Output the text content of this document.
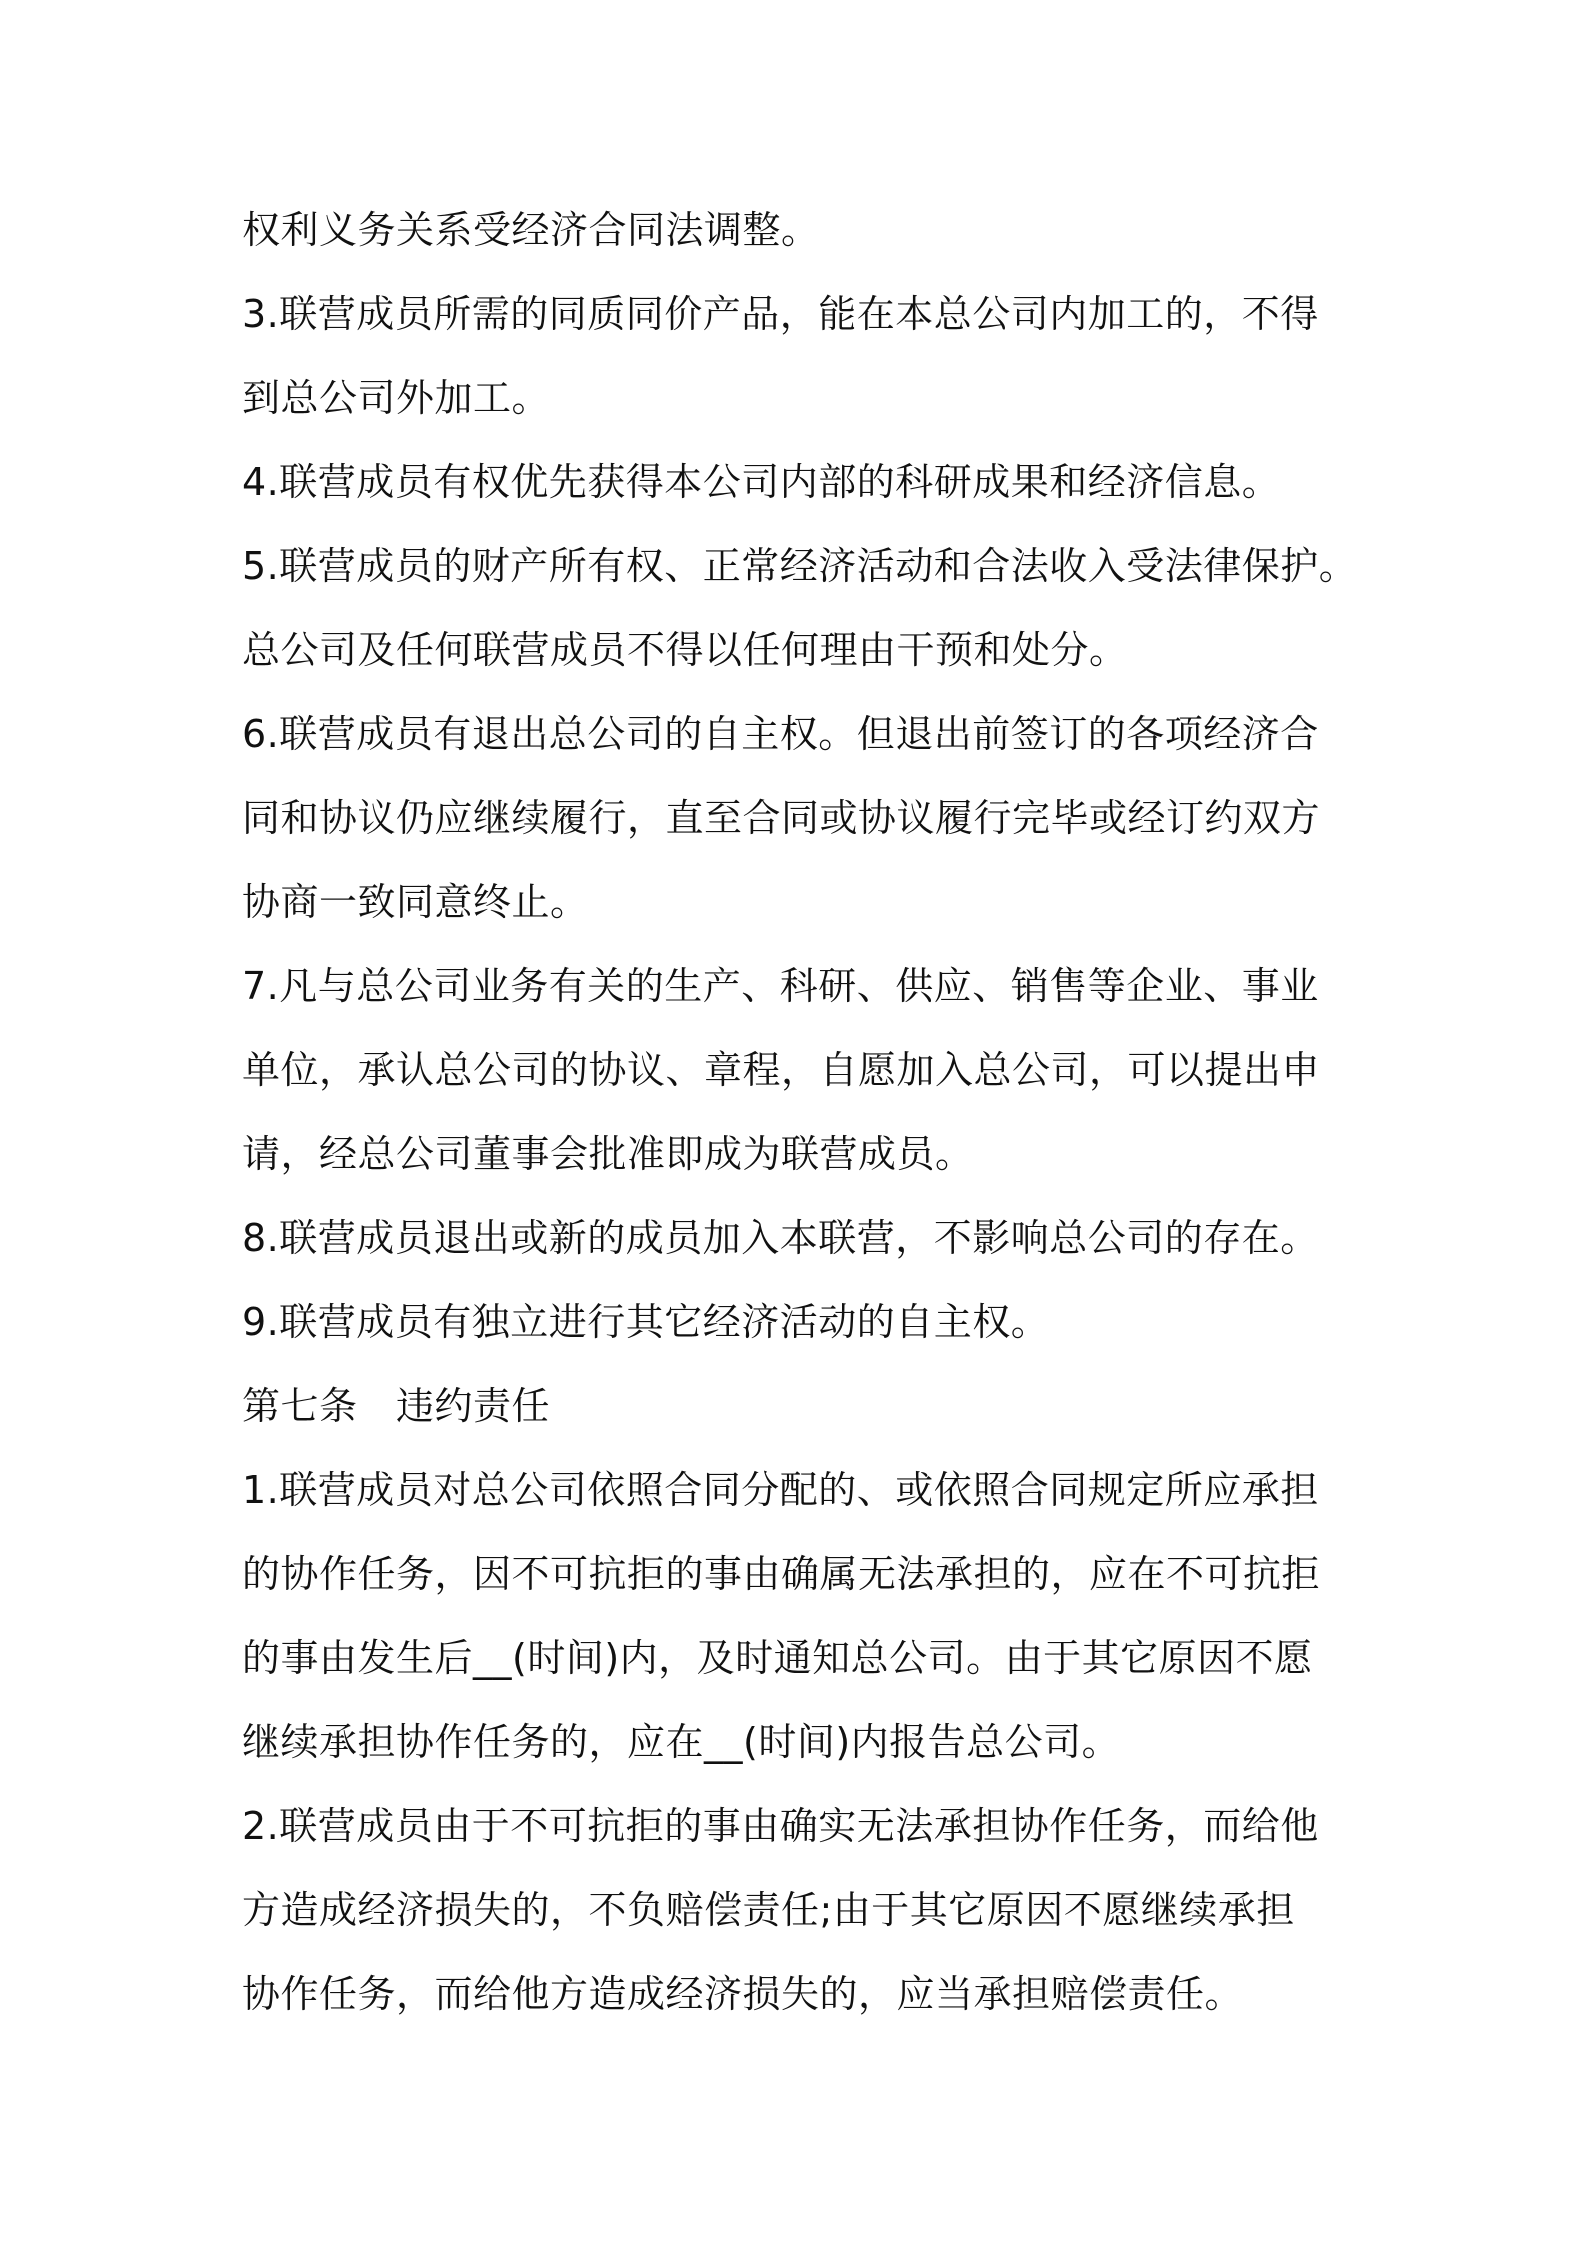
权利义务关系受经济合同法调整。
3.联营成员所需的同质同价产品，能在本总公司内加工的，不得
到总公司外加工。
4.联营成员有权优先获得本公司内部的科研成果和经济信息。
5.联营成员的财产所有权、正常经济活动和合法收入受法律保护。
总公司及任何联营成员不得以任何理由干预和处分。
6.联营成员有退出总公司的自主权。但退出前签订的各项经济合
同和协议仍应继续履行，直至合同或协议履行完毕或经订约双方
协商一致同意终止。
7.凡与总公司业务有关的生产、科研、供应、销售等企业、事业
单位，承认总公司的协议、章程，自愿加入总公司，可以提出申
请，经总公司董事会批准即成为联营成员。
8.联营成员退出或新的成员加入本联营，不影响总公司的存在。
9.联营成员有独立进行其它经济活动的自主权。
第七条　违约责任
1.联营成员对总公司依照合同分配的、或依照合同规定所应承担
的协作任务，因不可抗拒的事由确属无法承担的，应在不可抗拒
的事由发生后__(时间)内，及时通知总公司。由于其它原因不愿
继续承担协作任务的，应在__(时间)内报告总公司。
2.联营成员由于不可抗拒的事由确实无法承担协作任务，而给他
方造成经济损失的，不负赔偿责任;由于其它原因不愿继续承担
协作任务，而给他方造成经济损失的，应当承担赔偿责任。
